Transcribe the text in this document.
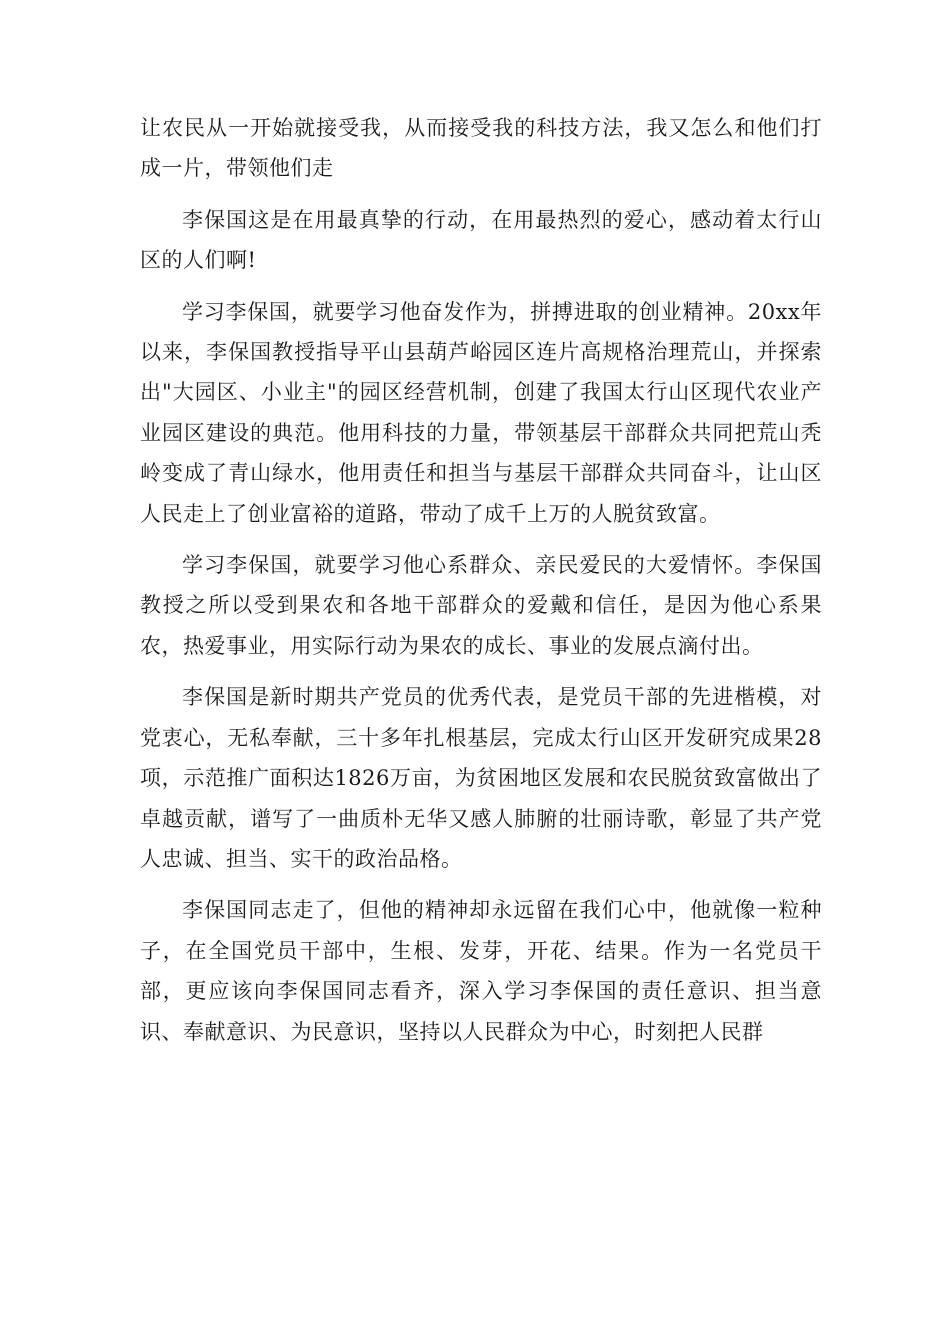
让农民从一开始就接受我，从而接受我的科技方法，我又怎么和他们打成一片，带领他们走

李保国这是在用最真挚的行动，在用最热烈的爱心，感动着太行山区的人们啊!

学习李保国，就要学习他奋发作为，拼搏进取的创业精神。20xx年以来，李保国教授指导平山县葫芦峪园区连片高规格治理荒山，并探索出"大园区、小业主"的园区经营机制，创建了我国太行山区现代农业产业园区建设的典范。他用科技的力量，带领基层干部群众共同把荒山秃岭变成了青山绿水，他用责任和担当与基层干部群众共同奋斗，让山区人民走上了创业富裕的道路，带动了成千上万的人脱贫致富。

学习李保国，就要学习他心系群众、亲民爱民的大爱情怀。李保国教授之所以受到果农和各地干部群众的爱戴和信任，是因为他心系果农，热爱事业，用实际行动为果农的成长、事业的发展点滴付出。

李保国是新时期共产党员的优秀代表，是党员干部的先进楷模，对党衷心，无私奉献，三十多年扎根基层，完成太行山区开发研究成果28项，示范推广面积达1826万亩，为贫困地区发展和农民脱贫致富做出了卓越贡献，谱写了一曲质朴无华又感人肺腑的壮丽诗歌，彰显了共产党人忠诚、担当、实干的政治品格。

李保国同志走了，但他的精神却永远留在我们心中，他就像一粒种子，在全国党员干部中，生根、发芽，开花、结果。作为一名党员干部，更应该向李保国同志看齐，深入学习李保国的责任意识、担当意识、奉献意识、为民意识，坚持以人民群众为中心，时刻把人民群
